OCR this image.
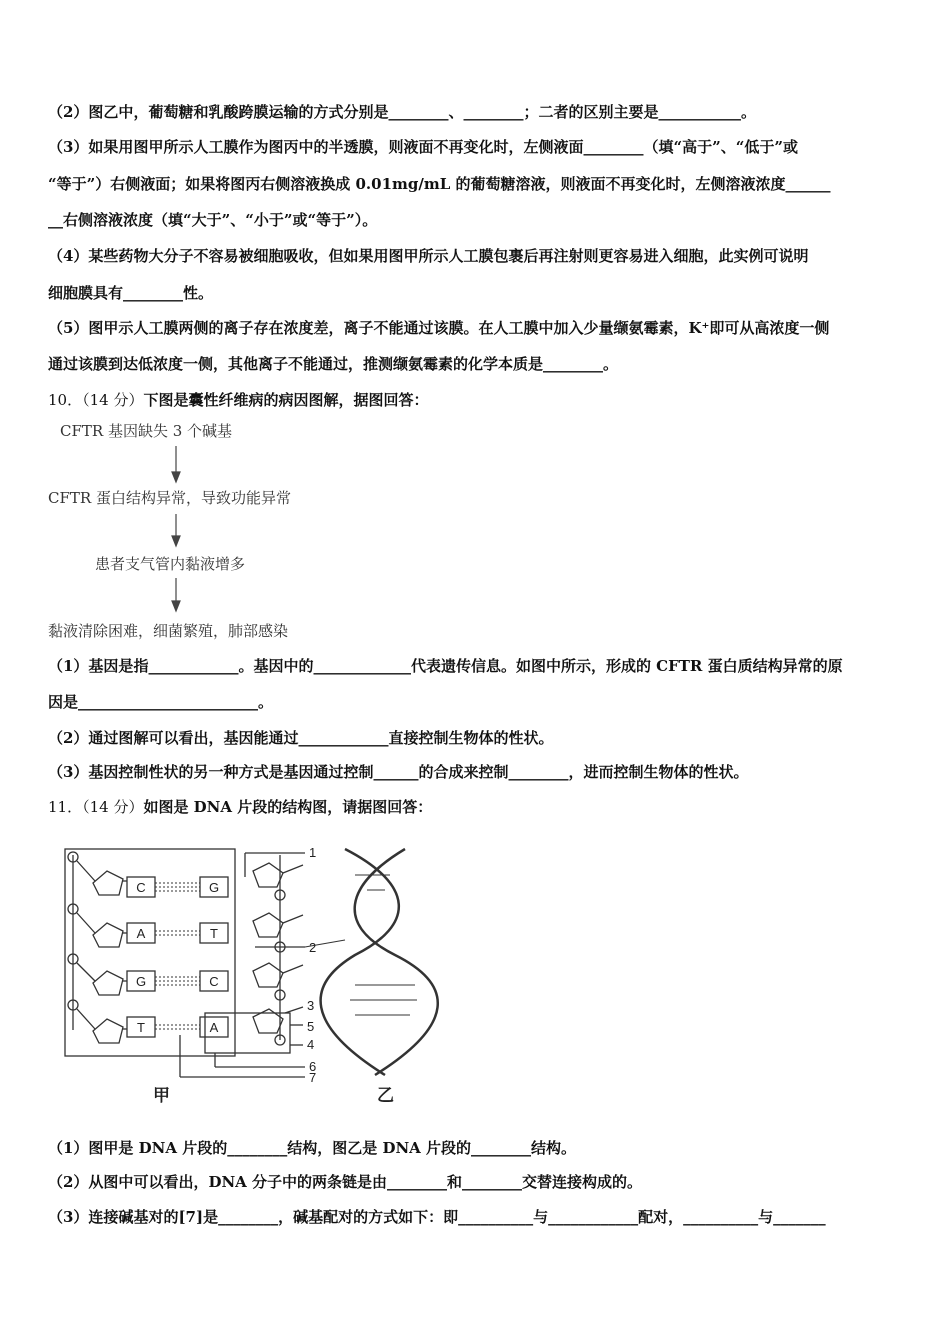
（2）图乙中，葡萄糖和乳酸跨膜运输的方式分别是________、________；二者的区别主要是___________。
（3）如果用图甲所示人工膜作为图丙中的半透膜，则液面不再变化时，左侧液面________（填“高于”、“低于”或
“等于”）右侧液面；如果将图丙右侧溶液换成 0.01mg/mL 的葡萄糖溶液，则液面不再变化时，左侧溶液浓度______
__右侧溶液浓度（填“大于”、“小于”或“等于”）。
（4）某些药物大分子不容易被细胞吸收，但如果用图甲所示人工膜包裹后再注射则更容易进入细胞，此实例可说明
细胞膜具有________性。
（5）图甲示人工膜两侧的离子存在浓度差，离子不能通过该膜。在人工膜中加入少量缬氨霉素，K⁺即可从高浓度一侧
通过该膜到达低浓度一侧，其他离子不能通过，推测缬氨霉素的化学本质是________。
10．（14 分）下图是囊性纤维病的病因图解，据图回答：
CFTR 基因缺失 3 个碱基
CFTR 蛋白结构异常，导致功能异常
患者支气管内黏液增多
黏液清除困难，细菌繁殖，肺部感染
（1）基因是指____________。基因中的_____________代表遗传信息。如图中所示，形成的 CFTR 蛋白质结构异常的原
因是________________________。
（2）通过图解可以看出，基因能通过____________直接控制生物体的性状。
（3）基因控制性状的另一种方式是基因通过控制______的合成来控制________，进而控制生物体的性状。
11．（14 分）如图是 DNA 片段的结构图，请据图回答：
C
A
G
T
G
T
C
A
1
2
3
4
5
6
7
甲	乙
（1）图甲是 DNA 片段的________结构，图乙是 DNA 片段的________结构。
（2）从图中可以看出，DNA 分子中的两条链是由________和________交替连接构成的。
（3）连接碱基对的[7]是________，碱基配对的方式如下：即__________与____________配对，__________与_______
